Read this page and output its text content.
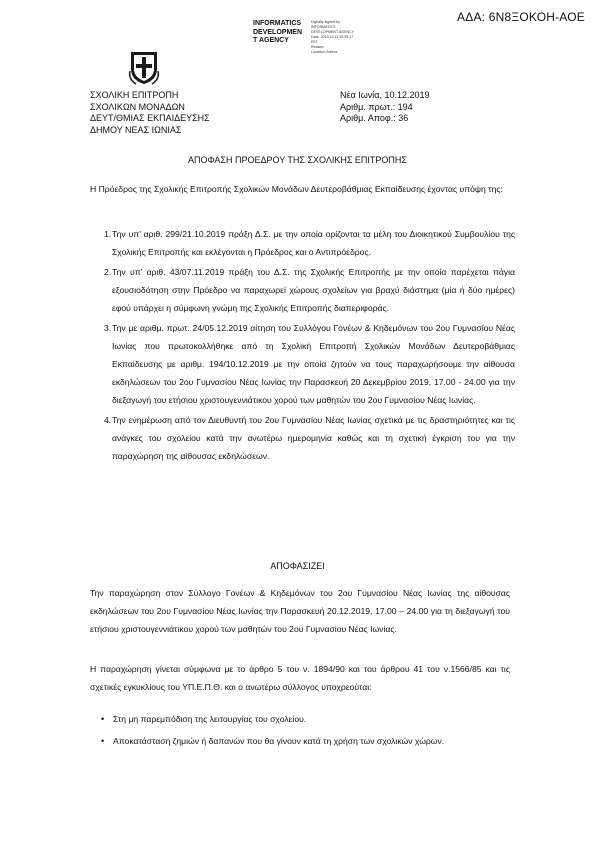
ΑΔΑ: 6Ν8ΞΟΚΟΗ-ΑΟΕ
INFORMATICS
DEVELOPMEN
T AGENCY
Digitally signed by
INFORMATICS
DEVELOPMENT AGENCY
Date: 2019.12.11 10:55:17
EET
Reason:
Location: Athens
ΣΧΟΛΙΚΗ ΕΠΙΤΡΟΠΗ
ΣΧΟΛΙΚΩΝ ΜΟΝΑΔΩΝ
ΔΕΥΤ/ΘΜΙΑΣ ΕΚΠΑΙΔΕΥΣΗΣ
ΔΗΜΟΥ ΝΕΑΣ ΙΩΝΙΑΣ
Νέα Ιωνία, 10.12.2019
Αριθμ. πρωτ.: 194
Αριθμ. Αποφ.: 36
ΑΠΟΦΑΣΗ ΠΡΟΕΔΡΟΥ ΤΗΣ ΣΧΟΛΙΚΗΣ ΕΠΙΤΡΟΠΗΣ
Η Πρόεδρος της Σχολικής Επιτροπής Σχολικών Μονάδων Δευτεροβάθμιας Εκπαίδευσης έχοντας υπόψη της:
1. Την υπ’ αριθ. 299/21.10.2019 πράξη Δ.Σ. με την οποία ορίζονται τα μέλη του Διοικητικού Συμβουλίου της Σχολικής Επιτροπής και εκλέγονται η Πρόεδρος και ο Αντιπρόεδρος.
2. Την υπ’ αριθ. 43/07.11.2019 πράξη του Δ.Σ. της Σχολικής Επιτροπής με την οποία παρέχεται πάγια εξουσιοδότηση στην Πρόεδρο να παραχωρεί χώρους σχολείων για βραχύ διάστημα (μία ή δύο ημέρες) εφού υπάρχει η σύμφωνη γνώμη της Σχολικής Επιτροπής διαπεριφοράς.
3. Την με αριθμ. πρωτ. 24/05.12.2019 αίτηση του Συλλόγου Γονέων & Κηδεμόνων του 2ου Γυμνασίου Νέας Ιωνίας που πρωτοκολλήθηκε από τη Σχολική Επιτροπή Σχολικών Μονάδων Δευτεροβάθμιας Εκπαίδευσης με αριθμ. 194/10.12.2019 με την οποία ζητούν να τους παραχωρήσουμε την αίθουσα εκδηλώσεων του 2ου Γυμνασίου Νέας Ιωνίας την Παρασκευή 20 Δεκεμβρίου 2019, 17.00 - 24.00 για την διεξαγωγή του ετήσιου χριστουγεννιάτικου χορού των μαθητών του 2ου Γυμνασίου Νέας Ιωνίας.
4. Την ενημέρωση από τον Διευθυντή του 2ου Γυμνασίου Νέας Ιωνίας σχετικά με τις δραστηριότητες και τις ανάγκες του σχολείου κατά την ανωτέρω ημερομηνία καθώς και τη σχετική έγκριση του για την παραχώρηση της αίθουσας εκδηλώσεων.
ΑΠΟΦΑΣΙΖΕΙ
Την παραχώρηση στον Σύλλογο Γονέων & Κηδεμόνων του 2ου Γυμνασίου Νέας Ιωνίας της αίθουσας εκδηλώσεων του 2ου Γυμνασίου Νέας Ιωνίας την Παρασκευή 20.12.2019, 17.00 – 24.00 για τη διεξαγωγή του ετήσιου χριστουγεννιάτικου χορού των μαθητών του 2ου Γυμνασίου Νέας Ιωνίας.
Η παραχώρηση γίνεται σύμφωνα με το άρθρο 5 του ν. 1894/90 και του άρθρου 41 του ν.1566/85 και τις σχετικές εγκυκλίους του ΥΠ.Ε.Π.Θ. και ο ανωτέρω σύλλογος υποχρεούται:
• Στη μη παρεμπόδιση της λειτουργίας του σχολείου.
• Αποκατάσταση ζημιών ή δαπανών που θα γίνουν κατά τη χρήση των σχολικών χώρων.
